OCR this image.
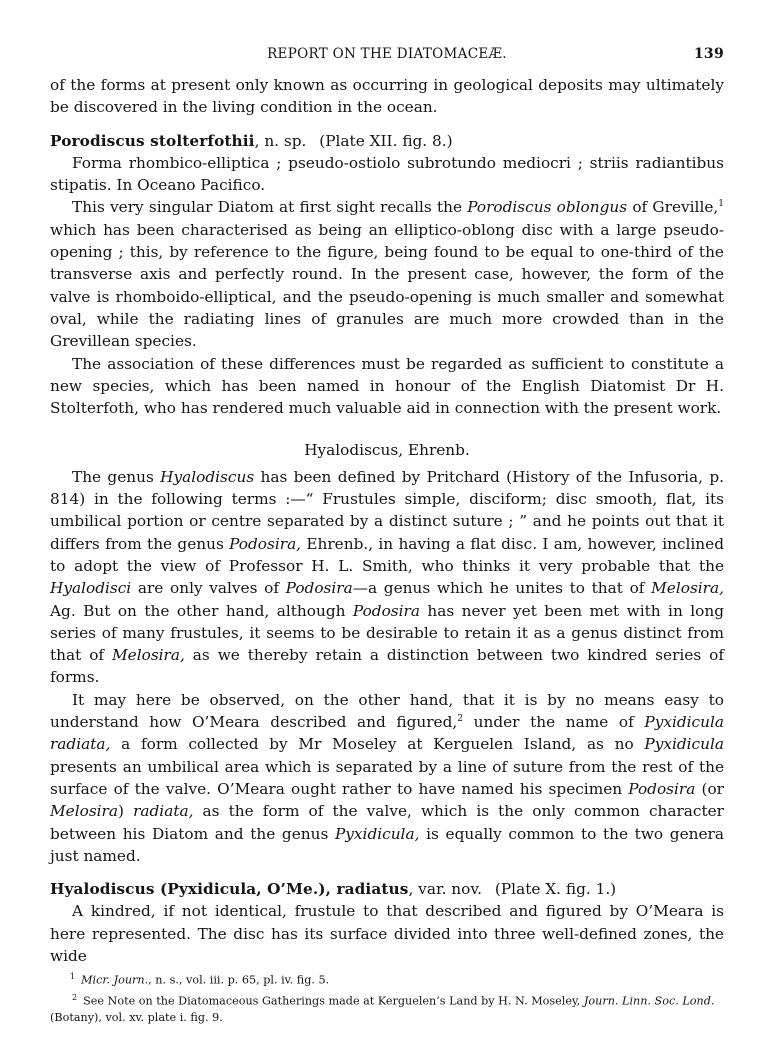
REPORT ON THE DIATOMACEÆ.	139

of the forms at present only known as occurring in geological deposits may ultimately be discovered in the living condition in the ocean.

Porodiscus stolterfothii, n. sp. (Plate XII. fig. 8.)

Forma rhombico-elliptica ; pseudo-ostiolo subrotundo mediocri ; striis radiantibus stipatis. In Oceano Pacifico.

This very singular Diatom at first sight recalls the Porodiscus oblongus of Greville,$^1$ which has been characterised as being an elliptico-oblong disc with a large pseudo-opening ; this, by reference to the figure, being found to be equal to one-third of the transverse axis and perfectly round. In the present case, however, the form of the valve is rhomboido-elliptical, and the pseudo-opening is much smaller and somewhat oval, while the radiating lines of granules are much more crowded than in the Grevillean species.

The association of these differences must be regarded as sufficient to constitute a new species, which has been named in honour of the English Diatomist Dr H. Stolterfoth, who has rendered much valuable aid in connection with the present work.

Hyalodiscus, Ehrenb.

The genus Hyalodiscus has been defined by Pritchard (History of the Infusoria, p. 814) in the following terms :—“ Frustules simple, disciform; disc smooth, flat, its umbilical portion or centre separated by a distinct suture ; ” and he points out that it differs from the genus Podosira, Ehrenb., in having a flat disc. I am, however, inclined to adopt the view of Professor H. L. Smith, who thinks it very probable that the Hyalodisci are only valves of Podosira—a genus which he unites to that of Melosira, Ag. But on the other hand, although Podosira has never yet been met with in long series of many frustules, it seems to be desirable to retain it as a genus distinct from that of Melosira, as we thereby retain a distinction between two kindred series of forms.

It may here be observed, on the other hand, that it is by no means easy to understand how O’Meara described and figured,$^2$ under the name of Pyxidicula radiata, a form collected by Mr Moseley at Kerguelen Island, as no Pyxidicula presents an umbilical area which is separated by a line of suture from the rest of the surface of the valve. O’Meara ought rather to have named his specimen Podosira (or Melosira) radiata, as the form of the valve, which is the only common character between his Diatom and the genus Pyxidicula, is equally common to the two genera just named.

Hyalodiscus (Pyxidicula, O’Me.), radiatus, var. nov. (Plate X. fig. 1.)

A kindred, if not identical, frustule to that described and figured by O’Meara is here represented. The disc has its surface divided into three well-defined zones, the wide

$^1$ Micr. Journ., n. s., vol. iii. p. 65, pl. iv. fig. 5.
$^2$ See Note on the Diatomaceous Gatherings made at Kerguelen’s Land by H. N. Moseley, Journ. Linn. Soc. Lond. (Botany), vol. xv. plate i. fig. 9.
